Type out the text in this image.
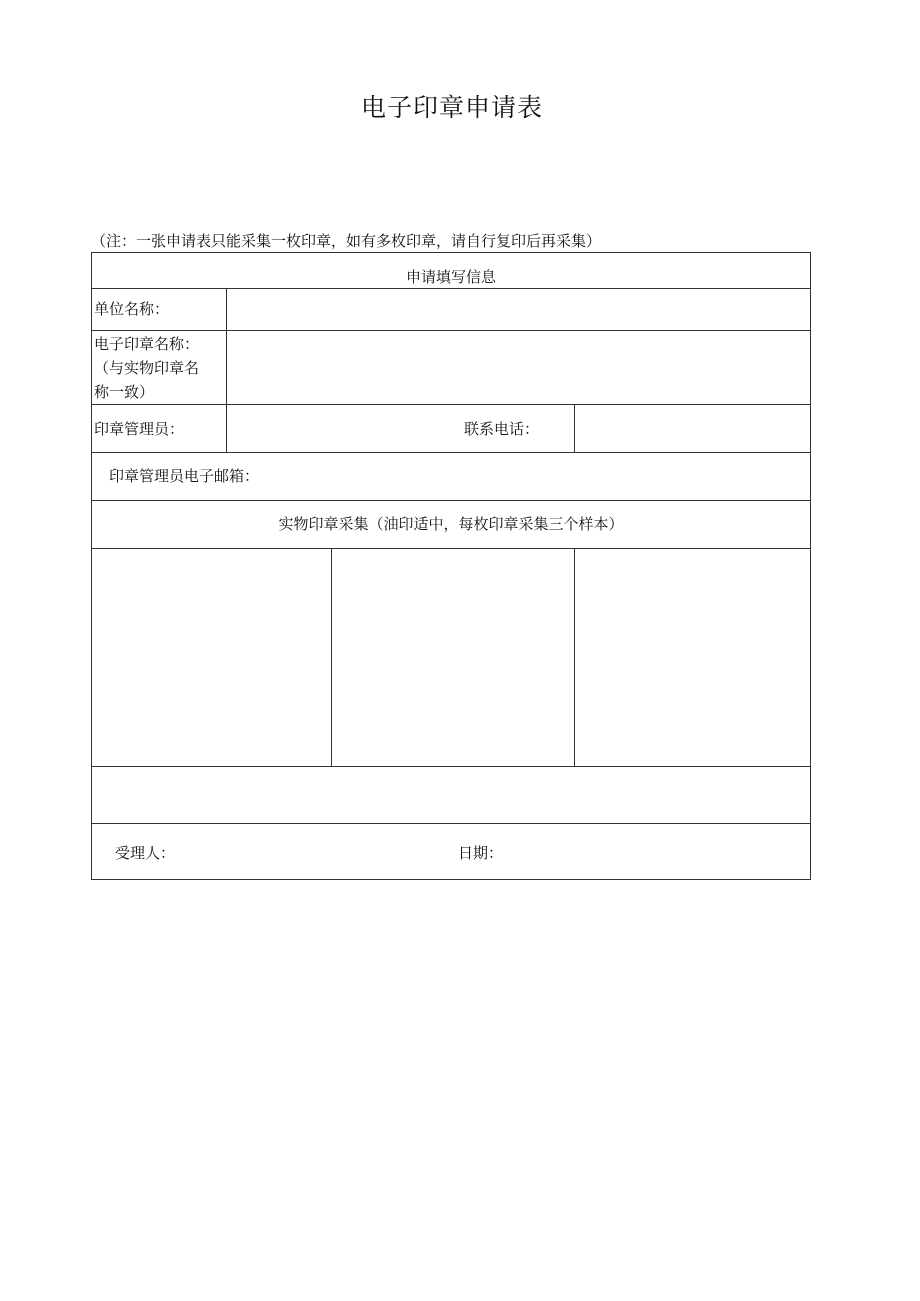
电子印章申请表
（注：一张申请表只能采集一枚印章，如有多枚印章，请自行复印后再采集）
申请填写信息
单位名称：
电子印章名称：
（与实物印章名
称一致）
印章管理员：	联系电话：
印章管理员电子邮箱：
实物印章采集（油印适中，每枚印章采集三个样本）
受理人：	日期：
